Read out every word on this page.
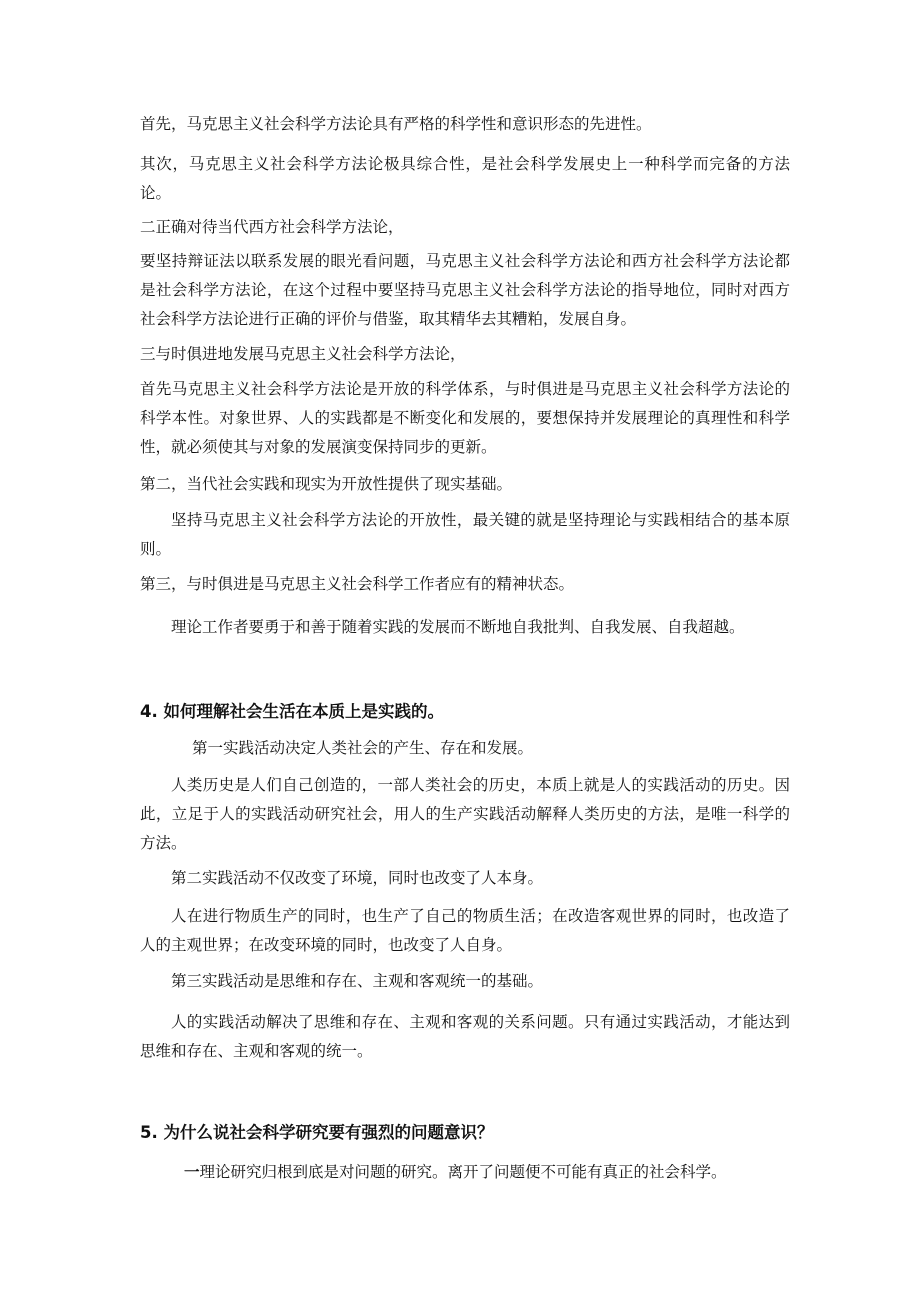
首先，马克思主义社会科学方法论具有严格的科学性和意识形态的先进性。

其次，马克思主义社会科学方法论极具综合性，是社会科学发展史上一种科学而完备的方法论。

二正确对待当代西方社会科学方法论，

要坚持辩证法以联系发展的眼光看问题，马克思主义社会科学方法论和西方社会科学方法论都是社会科学方法论，在这个过程中要坚持马克思主义社会科学方法论的指导地位，同时对西方社会科学方法论进行正确的评价与借鉴，取其精华去其糟粕，发展自身。

三与时俱进地发展马克思主义社会科学方法论，

首先马克思主义社会科学方法论是开放的科学体系，与时俱进是马克思主义社会科学方法论的科学本性。对象世界、人的实践都是不断变化和发展的，要想保持并发展理论的真理性和科学性，就必须使其与对象的发展演变保持同步的更新。

第二，当代社会实践和现实为开放性提供了现实基础。

坚持马克思主义社会科学方法论的开放性，最关键的就是坚持理论与实践相结合的基本原则。

第三，与时俱进是马克思主义社会科学工作者应有的精神状态。

理论工作者要勇于和善于随着实践的发展而不断地自我批判、自我发展、自我超越。

4. 如何理解社会生活在本质上是实践的。

第一实践活动决定人类社会的产生、存在和发展。

人类历史是人们自己创造的，一部人类社会的历史，本质上就是人的实践活动的历史。因此，立足于人的实践活动研究社会，用人的生产实践活动解释人类历史的方法，是唯一科学的方法。

第二实践活动不仅改变了环境，同时也改变了人本身。

人在进行物质生产的同时，也生产了自己的物质生活；在改造客观世界的同时，也改造了人的主观世界；在改变环境的同时，也改变了人自身。

第三实践活动是思维和存在、主观和客观统一的基础。

人的实践活动解决了思维和存在、主观和客观的关系问题。只有通过实践活动，才能达到思维和存在、主观和客观的统一。

5. 为什么说社会科学研究要有强烈的问题意识？

一理论研究归根到底是对问题的研究。离开了问题便不可能有真正的社会科学。
